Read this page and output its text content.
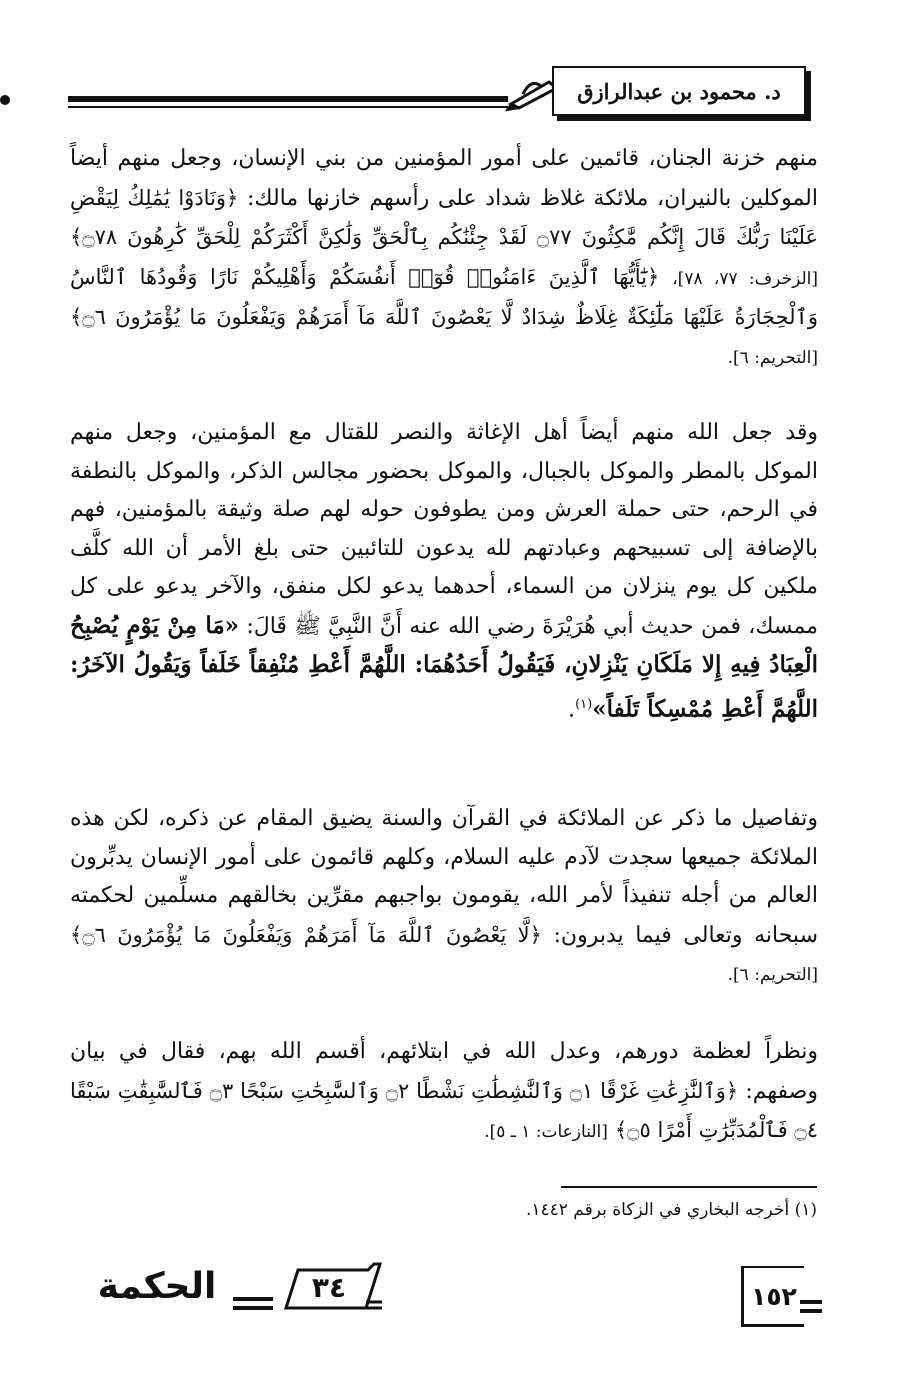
د. محمود بن عبدالرازق

منهم خزنة الجنان، قائمين على أمور المؤمنين من بني الإنسان، وجعل منهم أيضاً الموكلين بالنيران، ملائكة غلاظ شداد على رأسهم خازنها مالك: ﴿وَنَادَوْا يَٰمَٰلِكُ لِيَقْضِ عَلَيْنَا رَبُّكَ قَالَ إِنَّكُم مَّٰكِثُونَ ۝٧٧ لَقَدْ جِئْنَٰكُم بِٱلْحَقِّ وَلَٰكِنَّ أَكْثَرَكُمْ لِلْحَقِّ كَٰرِهُونَ ۝٧٨﴾ [الزخرف: ٧٧، ٧٨]، ﴿يَٰٓأَيُّهَا ٱلَّذِينَ ءَامَنُوا۟ قُوٓا۟ أَنفُسَكُمْ وَأَهْلِيكُمْ نَارًا وَقُودُهَا ٱلنَّاسُ وَٱلْحِجَارَةُ عَلَيْهَا مَلَٰٓئِكَةٌ غِلَاظٌ شِدَادٌ لَّا يَعْصُونَ ٱللَّهَ مَآ أَمَرَهُمْ وَيَفْعَلُونَ مَا يُؤْمَرُونَ ۝٦﴾ [التحريم: ٦].

وقد جعل الله منهم أيضاً أهل الإغاثة والنصر للقتال مع المؤمنين، وجعل منهم الموكل بالمطر والموكل بالجبال، والموكل بحضور مجالس الذكر، والموكل بالنطفة في الرحم، حتى حملة العرش ومن يطوفون حوله لهم صلة وثيقة بالمؤمنين، فهم بالإضافة إلى تسبيحهم وعبادتهم لله يدعون للتائبين حتى بلغ الأمر أن الله كلَّف ملكين كل يوم ينزلان من السماء، أحدهما يدعو لكل منفق، والآخر يدعو على كل ممسك، فمن حديث أبي هُرَيْرَةَ رضي الله عنه أَنَّ النَّبِيَّ ﷺ قَالَ: «مَا مِنْ يَوْمٍ يُصْبِحُ الْعِبَادُ فِيهِ إِلا مَلَكَانِ يَنْزِلانِ، فَيَقُولُ أَحَدُهُمَا: اللَّهُمَّ أَعْطِ مُنْفِقاً خَلَفاً وَيَقُولُ الآخَرُ: اللَّهُمَّ أَعْطِ مُمْسِكاً تَلَفاً»$^{(١)}$.

وتفاصيل ما ذكر عن الملائكة في القرآن والسنة يضيق المقام عن ذكره، لكن هذه الملائكة جميعها سجدت لآدم عليه السلام، وكلهم قائمون على أمور الإنسان يدبِّرون العالم من أجله تنفيذاً لأمر الله، يقومون بواجبهم مقرِّين بخالقهم مسلِّمين لحكمته سبحانه وتعالى فيما يدبرون: ﴿لَّا يَعْصُونَ ٱللَّهَ مَآ أَمَرَهُمْ وَيَفْعَلُونَ مَا يُؤْمَرُونَ ۝٦﴾ [التحريم: ٦].

ونظراً لعظمة دورهم، وعدل الله في ابتلائهم، أقسم الله بهم، فقال في بيان وصفهم: ﴿وَٱلنَّٰزِعَٰتِ غَرْقًا ۝١ وَٱلنَّٰشِطَٰتِ نَشْطًا ۝٢ وَٱلسَّٰبِحَٰتِ سَبْحًا ۝٣ فَٱلسَّٰبِقَٰتِ سَبْقًا ۝٤ فَٱلْمُدَبِّرَٰتِ أَمْرًا ۝٥﴾ [النازعات: ١ ـ ٥].

(١) أخرجه البخاري في الزكاة برقم ١٤٤٢.
١٥٢
٣٤
الحكمة
